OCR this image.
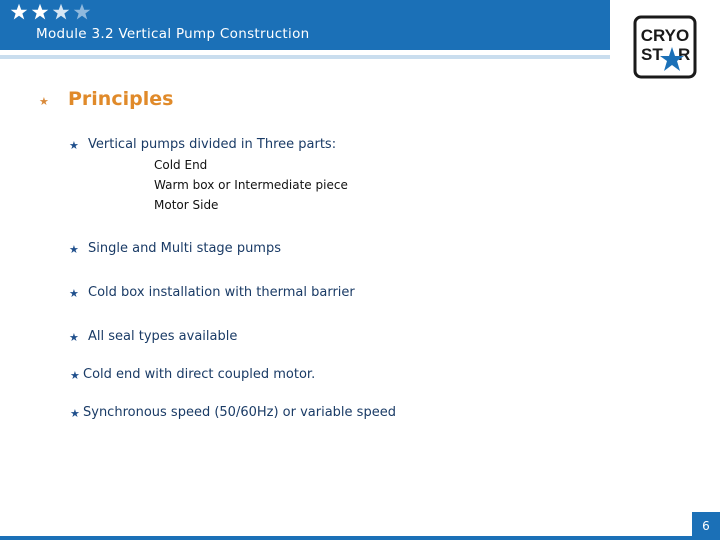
Module 3.2 Vertical Pump Construction	CRYO
ST R
★ Principles
★ Vertical pumps divided in Three parts:
Cold End
Warm box or Intermediate piece
Motor Side
★ Single and Multi stage pumps
★ Cold box installation with thermal barrier
★ All seal types available
★ Cold end with direct coupled motor.
★ Synchronous speed (50/60Hz) or variable speed
6
